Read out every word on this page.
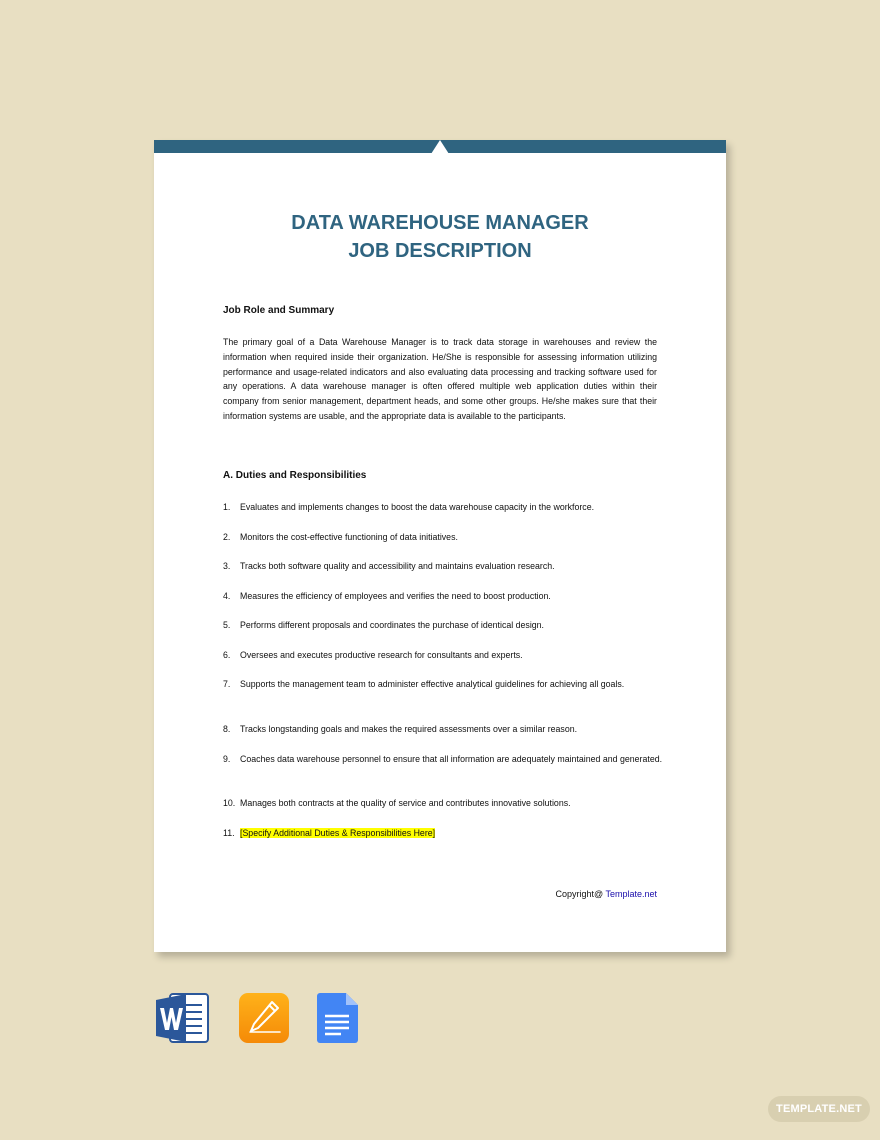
DATA WAREHOUSE MANAGER
JOB DESCRIPTION
Job Role and Summary

The primary goal of a Data Warehouse Manager is to track data storage in warehouses and review the information when required inside their organization. He/She is responsible for assessing information utilizing performance and usage-related indicators and also evaluating data processing and tracking software used for any operations. A data warehouse manager is often offered multiple web application duties within their company from senior management, department heads, and some other groups. He/she makes sure that their information systems are usable, and the appropriate data is available to the participants.

A. Duties and Responsibilities
1. Evaluates and implements changes to boost the data warehouse capacity in the workforce.
2. Monitors the cost-effective functioning of data initiatives.
3. Tracks both software quality and accessibility and maintains evaluation research.
4. Measures the efficiency of employees and verifies the need to boost production.
5. Performs different proposals and coordinates the purchase of identical design.
6. Oversees and executes productive research for consultants and experts.
7. Supports the management team to administer effective analytical guidelines for achieving all goals.
8. Tracks longstanding goals and makes the required assessments over a similar reason.
9. Coaches data warehouse personnel to ensure that all information are adequately maintained and generated.
10. Manages both contracts at the quality of service and contributes innovative solutions.
11. [Specify Additional Duties & Responsibilities Here]
Copyright@ Template.net
TEMPLATE.NET
